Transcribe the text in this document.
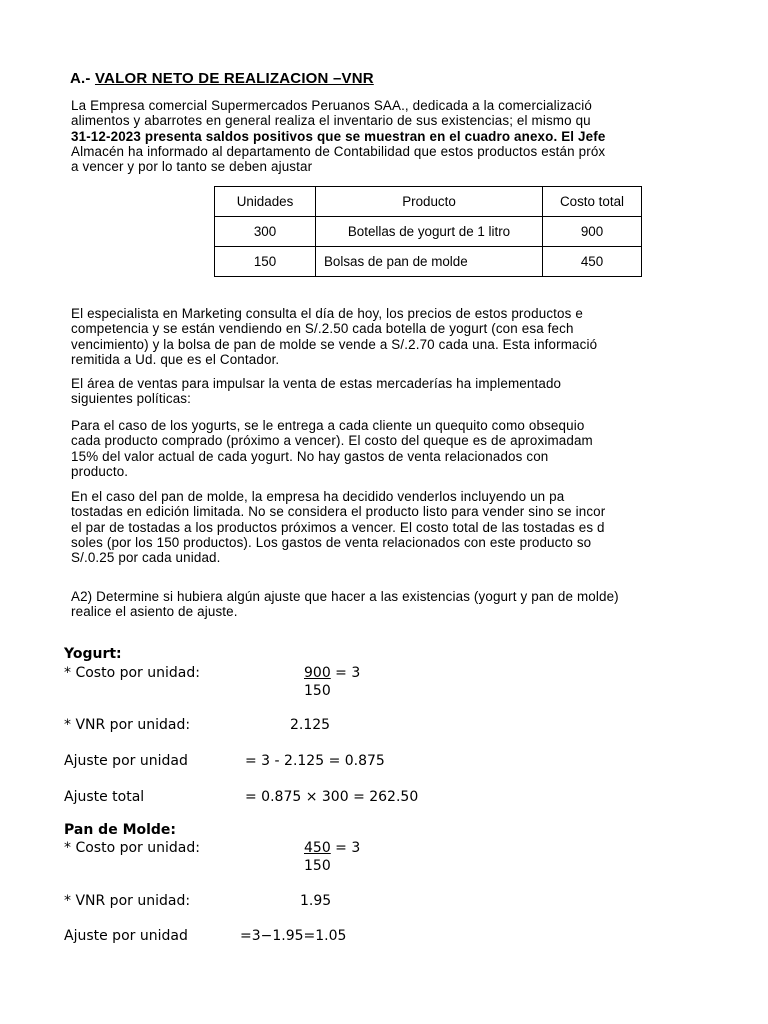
A.- VALOR NETO DE REALIZACION –VNR

La Empresa comercial Supermercados Peruanos SAA., dedicada a la comercializació
alimentos y abarrotes en general realiza el inventario de sus existencias; el mismo qu
31-12-2023 presenta saldos positivos que se muestran en el cuadro anexo. El Jefe
Almacén ha informado al departamento de Contabilidad que estos productos están próx
a vencer y por lo tanto se deben ajustar

Unidades	Producto	Costo total
300	Botellas de yogurt de 1 litro	900
150	Bolsas de pan de molde	450

El especialista en Marketing consulta el día de hoy, los precios de estos productos e
competencia y se están vendiendo en S/.2.50 cada botella de yogurt (con esa fech
vencimiento) y la bolsa de pan de molde se vende a S/.2.70 cada una. Esta informació
remitida a Ud. que es el Contador.

El área de ventas para impulsar la venta de estas mercaderías ha implementado
siguientes políticas:

Para el caso de los yogurts, se le entrega a cada cliente un quequito como obsequio
cada producto comprado (próximo a vencer). El costo del queque es de aproximadam
15% del valor actual de cada yogurt. No hay gastos de venta relacionados con
producto.

En el caso del pan de molde, la empresa ha decidido venderlos incluyendo un pa
tostadas en edición limitada. No se considera el producto listo para vender sino se incor
el par de tostadas a los productos próximos a vencer. El costo total de las tostadas es d
soles (por los 150 productos). Los gastos de venta relacionados con este producto so
S/.0.25 por cada unidad.

A2) Determine si hubiera algún ajuste que hacer a las existencias (yogurt y pan de molde)
realice el asiento de ajuste.

Yogurt:
* Costo por unidad:	900 = 3
150
* VNR por unidad:	2.125
Ajuste por unidad	= 3 - 2.125 = 0.875
Ajuste total	= 0.875 × 300 = 262.50
Pan de Molde:
* Costo por unidad:	450 = 3
150
* VNR por unidad:	1.95
Ajuste por unidad	=3−1.95=1.05
